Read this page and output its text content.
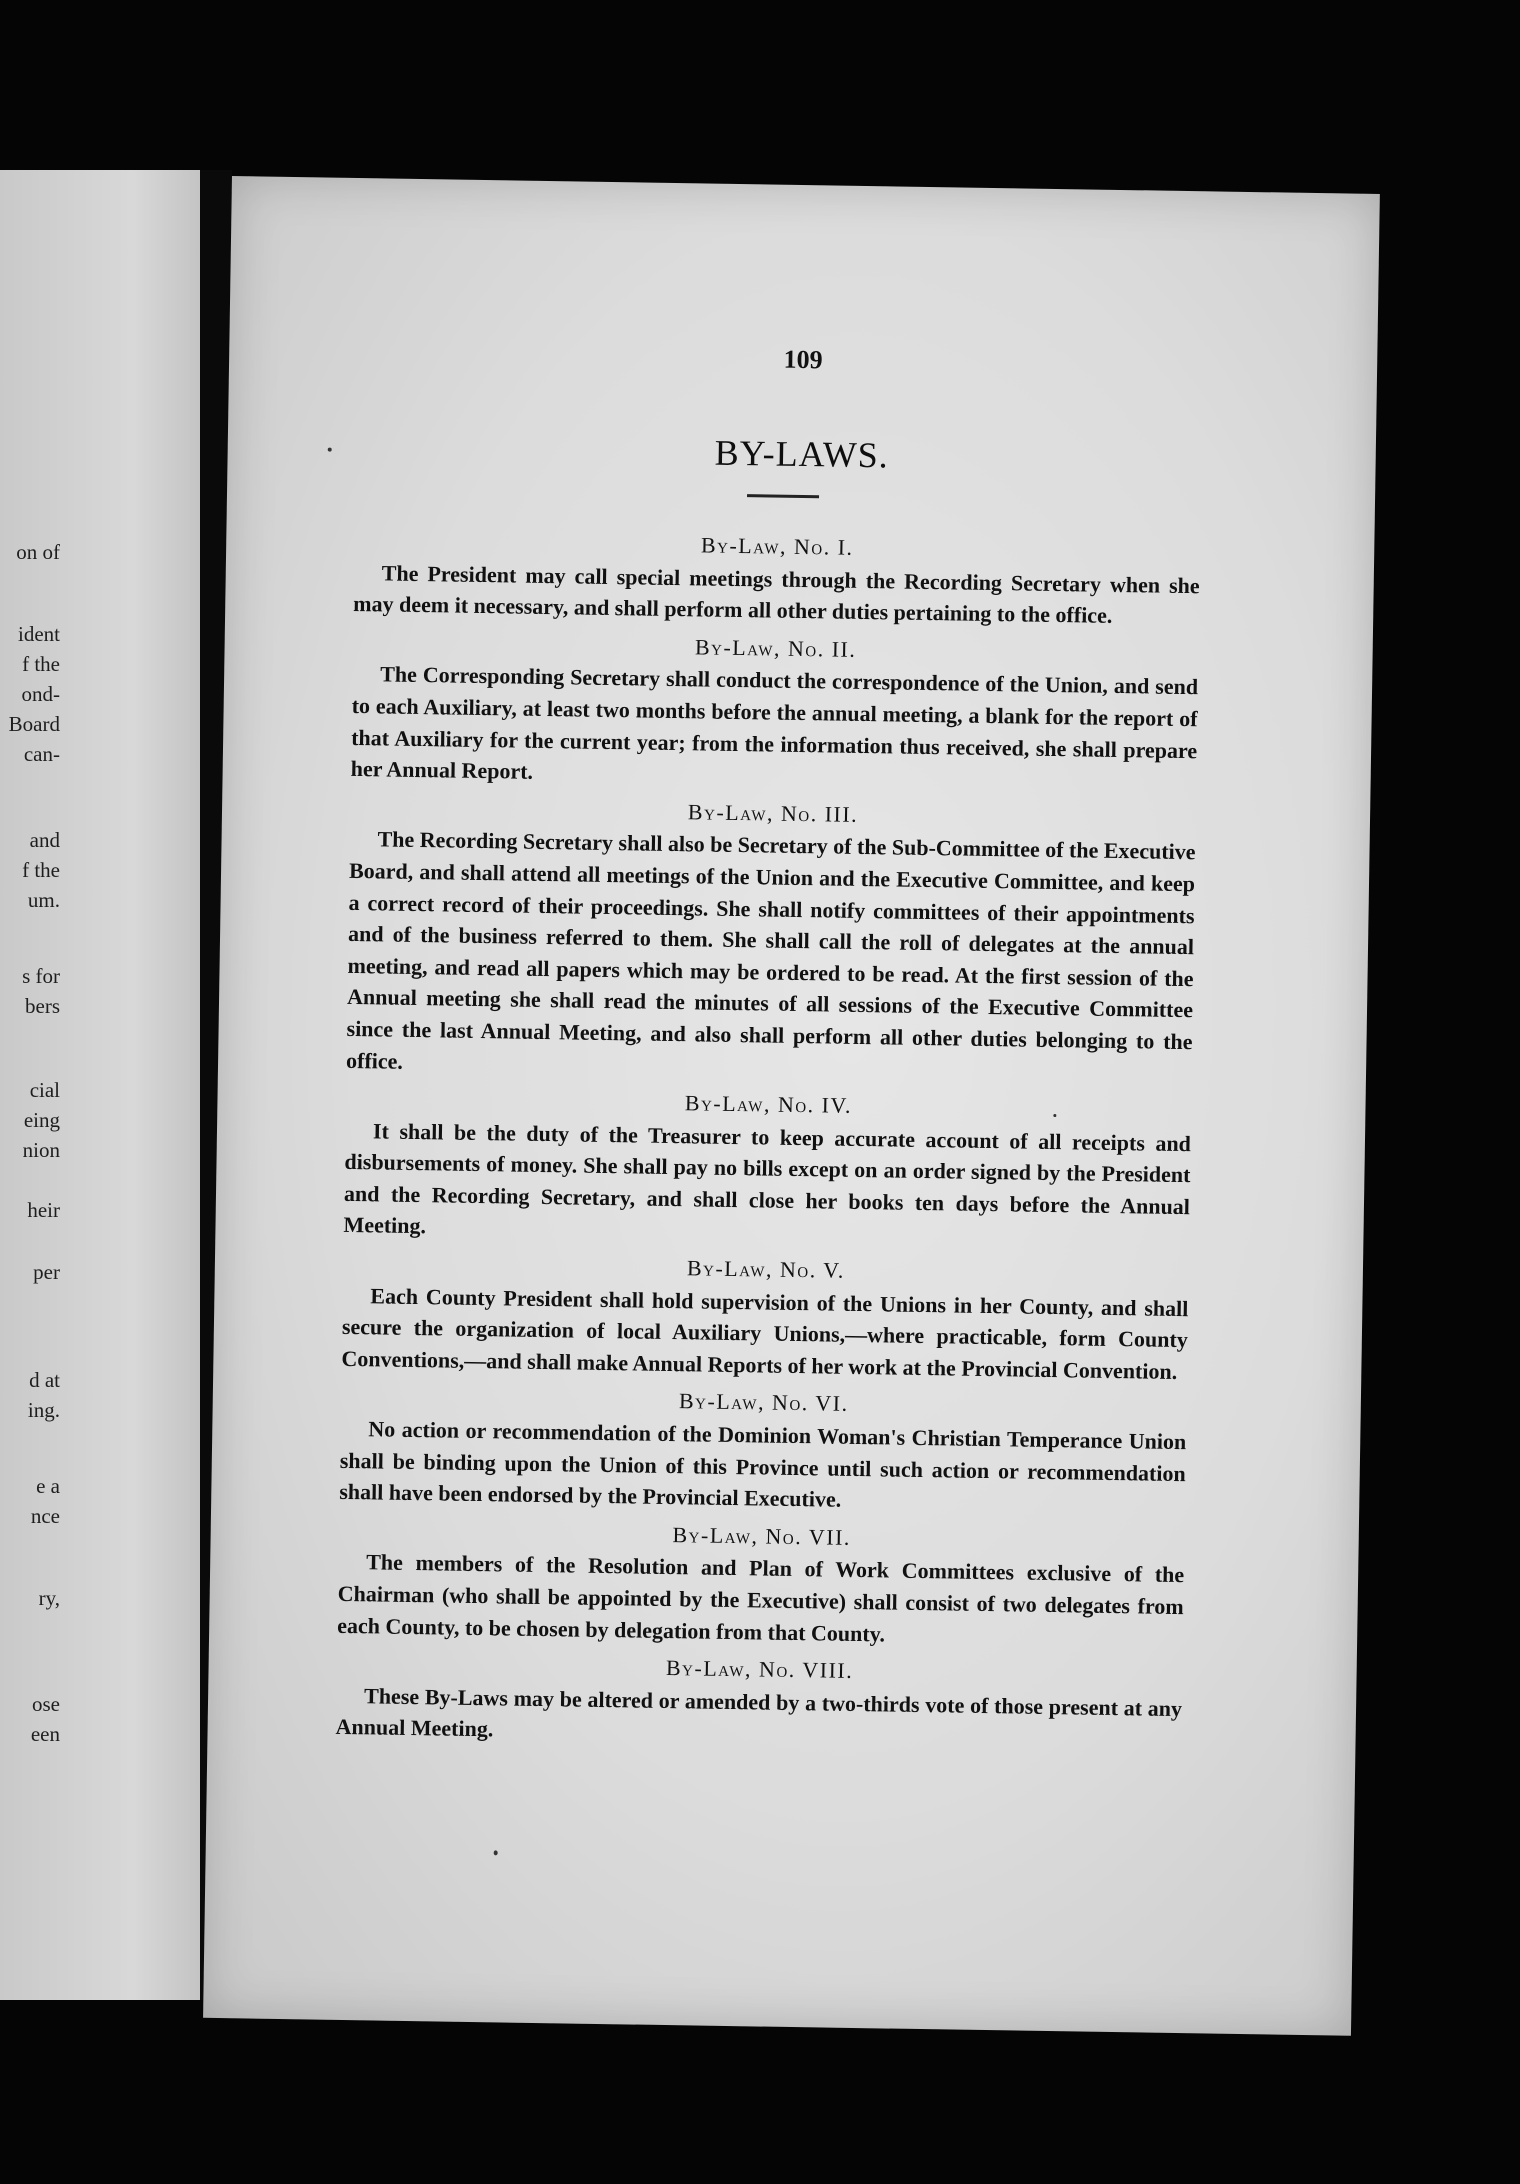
on of
ident
f the
ond-
Board
can-
and
f the
um.
s for
bers
cial
eing
nion
heir
per
d at
ing.
e a
nce
ry,
ose
een
109
BY-LAWS.
By-Law, No. I.

The President may call special meetings through the Recording Secretary when she may deem it necessary, and shall perform all other duties pertaining to the office.

By-Law, No. II.

The Corresponding Secretary shall conduct the correspondence of the Union, and send to each Auxiliary, at least two months before the annual meeting, a blank for the report of that Auxiliary for the current year; from the information thus received, she shall prepare her Annual Report.

By-Law, No. III.

The Recording Secretary shall also be Secretary of the Sub-Committee of the Executive Board, and shall attend all meetings of the Union and the Executive Committee, and keep a correct record of their proceedings. She shall notify committees of their appointments and of the business referred to them. She shall call the roll of delegates at the annual meeting, and read all papers which may be ordered to be read. At the first session of the Annual meeting she shall read the minutes of all sessions of the Executive Committee since the last Annual Meeting, and also shall perform all other duties belonging to the office.

By-Law, No. IV.

It shall be the duty of the Treasurer to keep accurate account of all receipts and disbursements of money. She shall pay no bills except on an order signed by the President and the Recording Secretary, and shall close her books ten days before the Annual Meeting.

By-Law, No. V.

Each County President shall hold supervision of the Unions in her County, and shall secure the organization of local Auxiliary Unions,—where practicable, form County Conventions,—and shall make Annual Reports of her work at the Provincial Convention.

By-Law, No. VI.

No action or recommendation of the Dominion Woman's Christian Temperance Union shall be binding upon the Union of this Province until such action or recommendation shall have been endorsed by the Provincial Executive.

By-Law, No. VII.

The members of the Resolution and Plan of Work Committees exclusive of the Chairman (who shall be appointed by the Executive) shall consist of two delegates from each County, to be chosen by delegation from that County.

By-Law, No. VIII.

These By-Laws may be altered or amended by a two-thirds vote of those present at any Annual Meeting.
